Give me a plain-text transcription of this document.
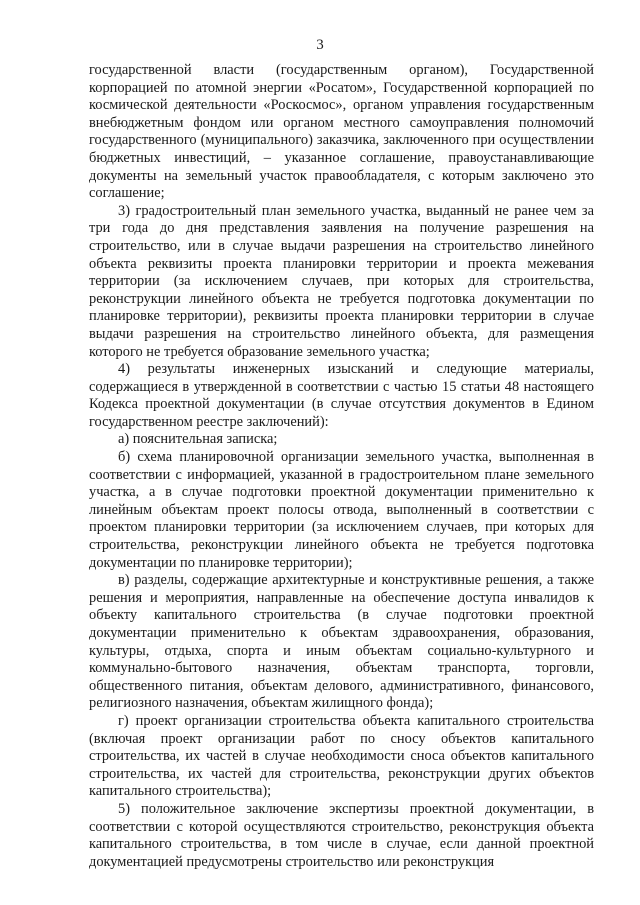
3

государственной власти (государственным органом), Государственной корпорацией по атомной энергии «Росатом», Государственной корпорацией по космической деятельности «Роскосмос», органом управления государственным внебюджетным фондом или органом местного самоуправления полномочий государственного (муниципального) заказчика, заключенного при осуществлении бюджетных инвестиций, – указанное соглашение, правоустанавливающие документы на земельный участок правообладателя, с которым заключено это соглашение;

3) градостроительный план земельного участка, выданный не ранее чем за три года до дня представления заявления на получение разрешения на строительство, или в случае выдачи разрешения на строительство линейного объекта реквизиты проекта планировки территории и проекта межевания территории (за исключением случаев, при которых для строительства, реконструкции линейного объекта не требуется подготовка документации по планировке территории), реквизиты проекта планировки территории в случае выдачи разрешения на строительство линейного объекта, для размещения которого не требуется образование земельного участка;

4) результаты инженерных изысканий и следующие материалы, содержащиеся в утвержденной в соответствии с частью 15 статьи 48 настоящего Кодекса проектной документации (в случае отсутствия документов в Едином государственном реестре заключений):

а) пояснительная записка;

б) схема планировочной организации земельного участка, выполненная в соответствии с информацией, указанной в градостроительном плане земельного участка, а в случае подготовки проектной документации применительно к линейным объектам проект полосы отвода, выполненный в соответствии с проектом планировки территории (за исключением случаев, при которых для строительства, реконструкции линейного объекта не требуется подготовка документации по планировке территории);

в) разделы, содержащие архитектурные и конструктивные решения, а также решения и мероприятия, направленные на обеспечение доступа инвалидов к объекту капитального строительства (в случае подготовки проектной документации применительно к объектам здравоохранения, образования, культуры, отдыха, спорта и иным объектам социально-культурного и коммунально-бытового назначения, объектам транспорта, торговли, общественного питания, объектам делового, административного, финансового, религиозного назначения, объектам жилищного фонда);

г) проект организации строительства объекта капитального строительства (включая проект организации работ по сносу объектов капитального строительства, их частей в случае необходимости сноса объектов капитального строительства, их частей для строительства, реконструкции других объектов капитального строительства);

5) положительное заключение экспертизы проектной документации, в соответствии с которой осуществляются строительство, реконструкция объекта капитального строительства, в том числе в случае, если данной проектной документацией предусмотрены строительство или реконструкция
